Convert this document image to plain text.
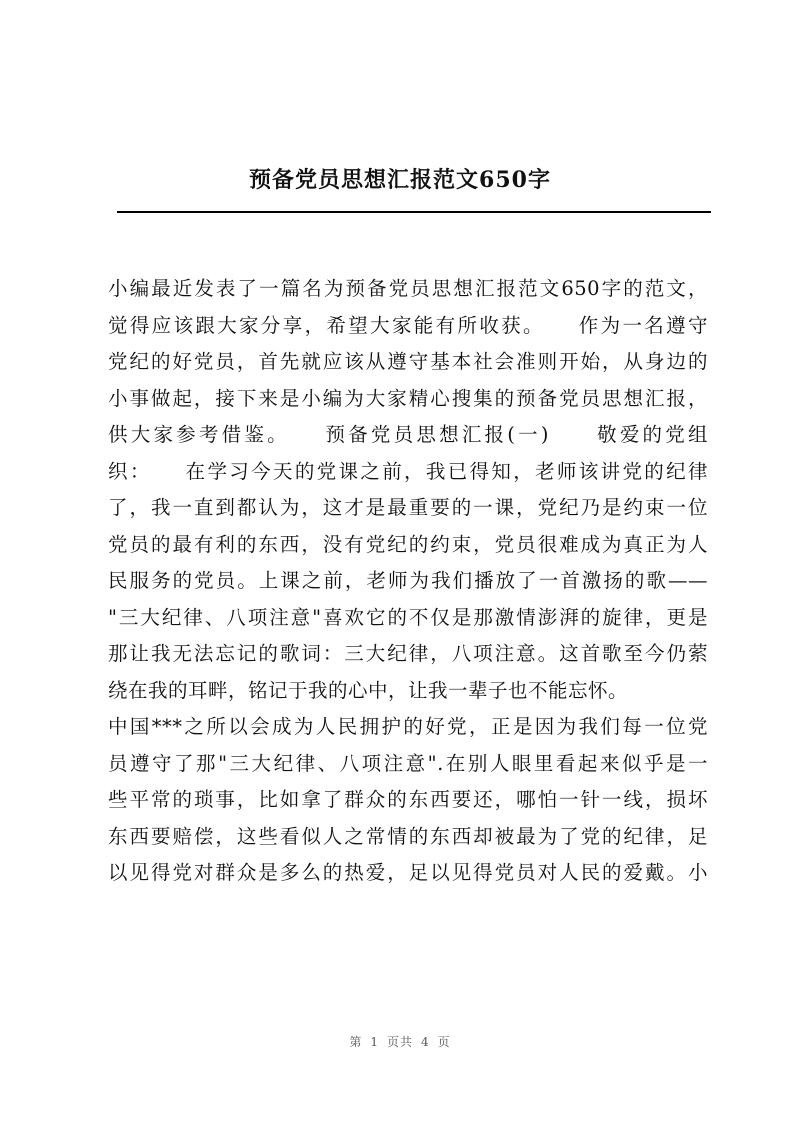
预备党员思想汇报范文650字
小编最近发表了一篇名为预备党员思想汇报范文650字的范文，
觉得应该跟大家分享，希望大家能有所收获。　　作为一名遵守
党纪的好党员，首先就应该从遵守基本社会准则开始，从身边的
小事做起，接下来是小编为大家精心搜集的预备党员思想汇报，
供大家参考借鉴。　　预备党员思想汇报(一)　　敬爱的党组
织：　　在学习今天的党课之前，我已得知，老师该讲党的纪律
了，我一直到都认为，这才是最重要的一课，党纪乃是约束一位
党员的最有利的东西，没有党纪的约束，党员很难成为真正为人
民服务的党员。上课之前，老师为我们播放了一首激扬的歌——
"三大纪律、八项注意"喜欢它的不仅是那激情澎湃的旋律，更是
那让我无法忘记的歌词：三大纪律，八项注意。这首歌至今仍萦
绕在我的耳畔，铭记于我的心中，让我一辈子也不能忘怀。
中国***之所以会成为人民拥护的好党，正是因为我们每一位党
员遵守了那"三大纪律、八项注意".在别人眼里看起来似乎是一
些平常的琐事，比如拿了群众的东西要还，哪怕一针一线，损坏
东西要赔偿，这些看似人之常情的东西却被最为了党的纪律，足
以见得党对群众是多么的热爱，足以见得党员对人民的爱戴。小
第 1 页共 4 页
